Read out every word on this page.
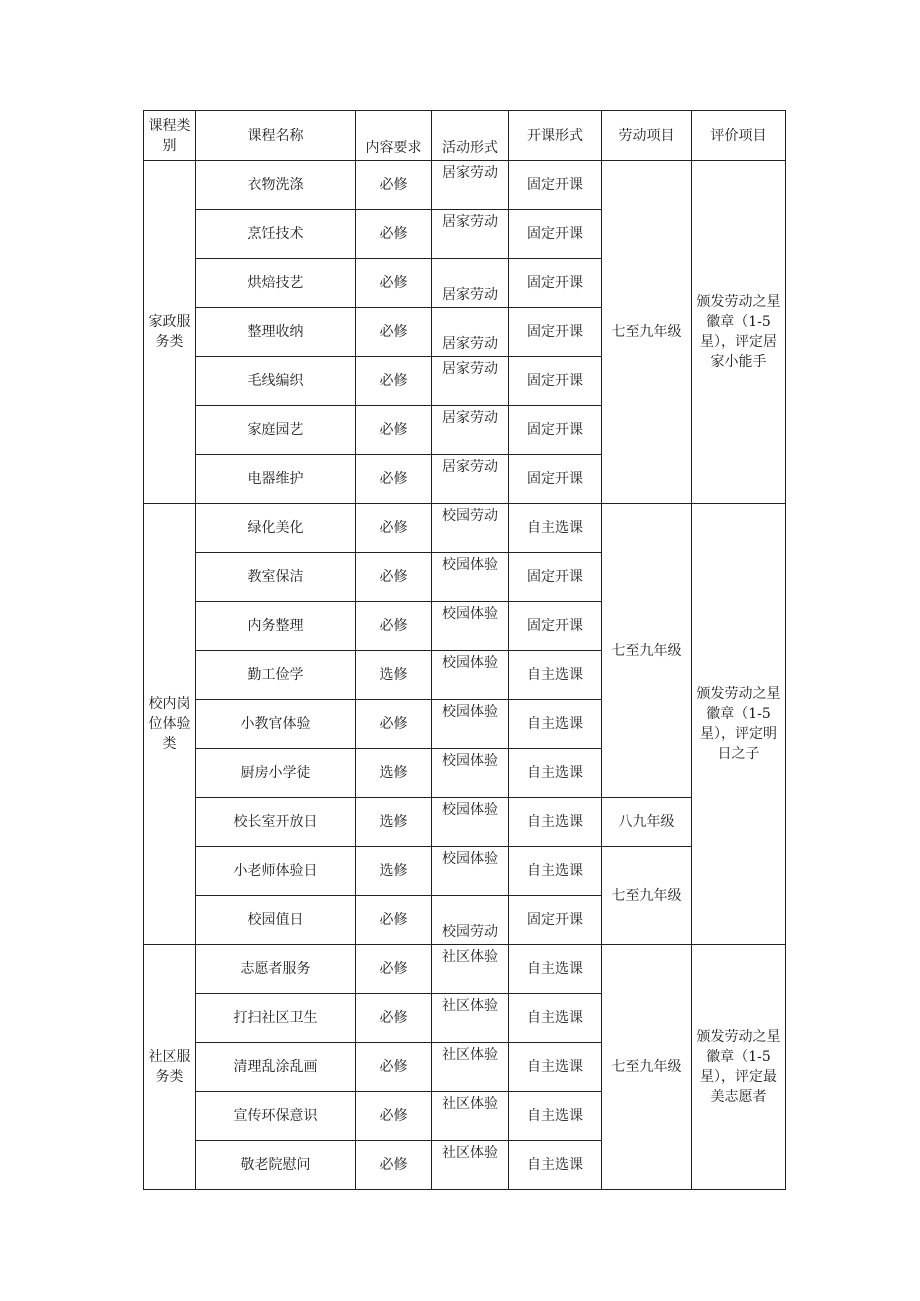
课程类别	课程名称	内容要求	活动形式	开课形式	劳动项目	评价项目
家政服务类	衣物洗涤	必修	居家劳动	固定开课	七至九年级	颁发劳动之星徽章（1-5星），评定居家小能手
	烹饪技术	必修	居家劳动	固定开课		
	烘焙技艺	必修	居家劳动	固定开课		
	整理收纳	必修	居家劳动	固定开课		
	毛线编织	必修	居家劳动	固定开课		
	家庭园艺	必修	居家劳动	固定开课		
	电器维护	必修	居家劳动	固定开课		
校内岗位体验类	绿化美化	必修	校园劳动	自主选课	七至九年级	颁发劳动之星徽章（1-5星），评定明日之子
	教室保洁	必修	校园体验	固定开课		
	内务整理	必修	校园体验	固定开课		
	勤工俭学	选修	校园体验	自主选课		
	小教官体验	必修	校园体验	自主选课		
	厨房小学徒	选修	校园体验	自主选课		
	校长室开放日	选修	校园体验	自主选课	八九年级	
	小老师体验日	选修	校园体验	自主选课	七至九年级	
	校园值日	必修	校园劳动	固定开课		
社区服务类	志愿者服务	必修	社区体验	自主选课	七至九年级	颁发劳动之星徽章（1-5星），评定最美志愿者
	打扫社区卫生	必修	社区体验	自主选课		
	清理乱涂乱画	必修	社区体验	自主选课		
	宣传环保意识	必修	社区体验	自主选课		
	敬老院慰问	必修	社区体验	自主选课		
